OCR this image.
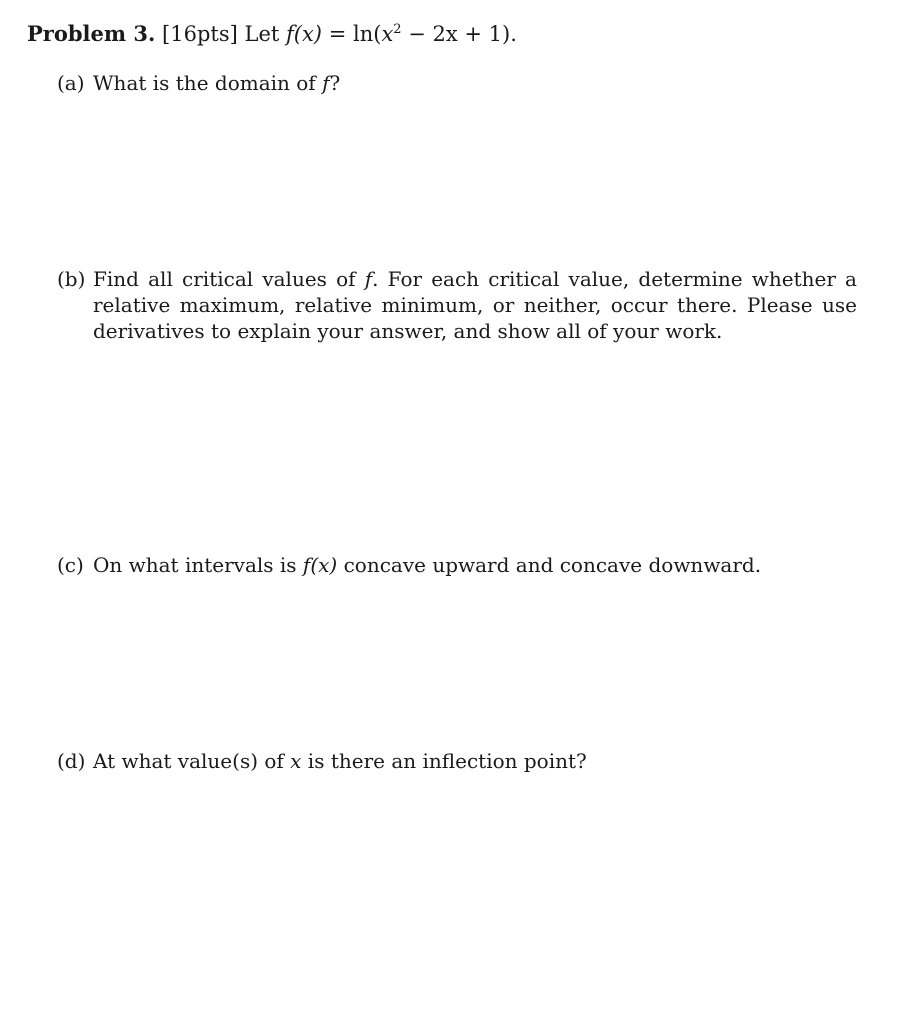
Problem 3. [16pts] Let $f(x) = \ln(x^2 - 2x + 1)$.
(a) What is the domain of f?
(b) Find all critical values of f. For each critical value, determine whether a relative maximum, relative minimum, or neither, occur there. Please use derivatives to explain your answer, and show all of your work.
(c) On what intervals is f(x) concave upward and concave downward.
(d) At what value(s) of x is there an inflection point?
